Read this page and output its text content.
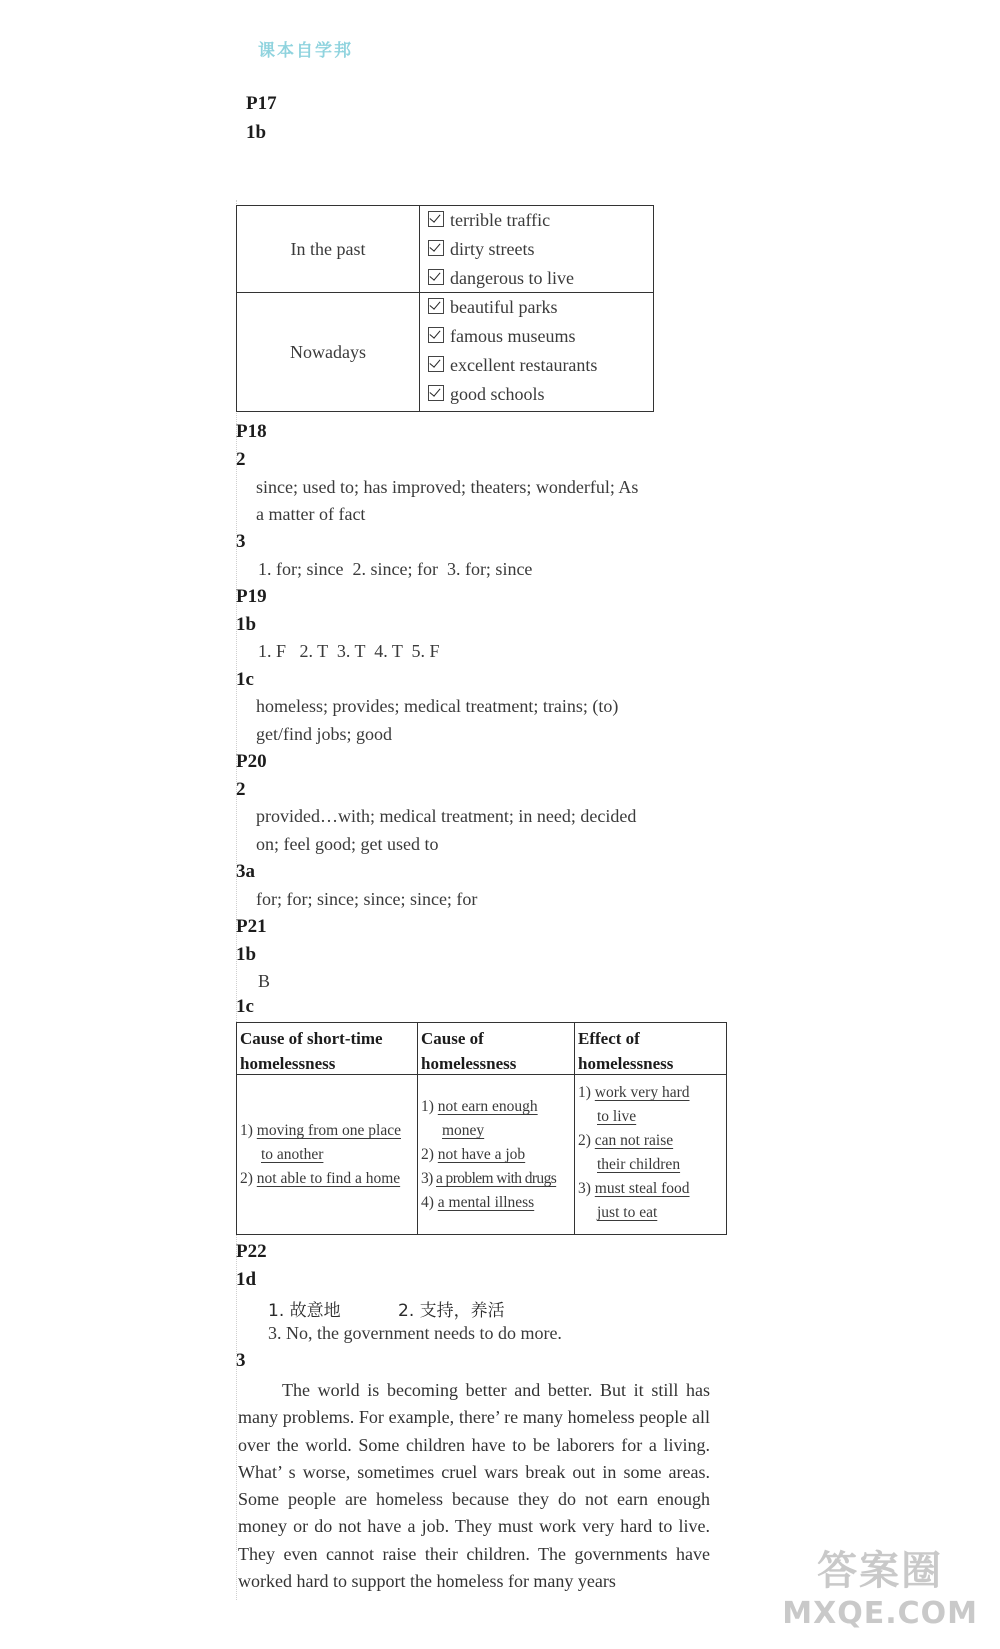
课本自学邦
P17
1b
In the past
terrible traffic
dirty streets
dangerous to live
Nowadays
beautiful parks
famous museums
excellent restaurants
good schools
P18
2
since; used to; has improved; theaters; wonderful; As
a matter of fact
3
1. for; since  2. since; for  3. for; since
P19
1b
1. F   2. T  3. T  4. T  5. F
1c
homeless; provides; medical treatment; trains; (to)
get/find jobs; good
P20
2
provided…with; medical treatment; in need; decided
on; feel good; get used to
3a
for; for; since; since; since; for
P21
1b
B
1c
Cause of short-time homelessness
Cause of homelessness
Effect of homelessness
1) moving from one place
to another
2) not able to find a home
1) not earn enough
money
2) not have a job
3) a problem with drugs
4) a mental illness
1) work very hard
to live
2) can not raise
their children
3) must steal food
just to eat
P22
1d
1. 故意地	2. 支持，养活
3. No, the government needs to do more.
3
The world is becoming better and better. But it still has many problems. For example, there’ re many homeless people all over the world. Some children have to be laborers for a living. What’ s worse, sometimes cruel wars break out in some areas. Some people are homeless because they do not earn enough money or do not have a job. They must work very hard to live. They even cannot raise their children. The governments have worked hard to support the homeless for many years	答案圈
MXQE.COM
